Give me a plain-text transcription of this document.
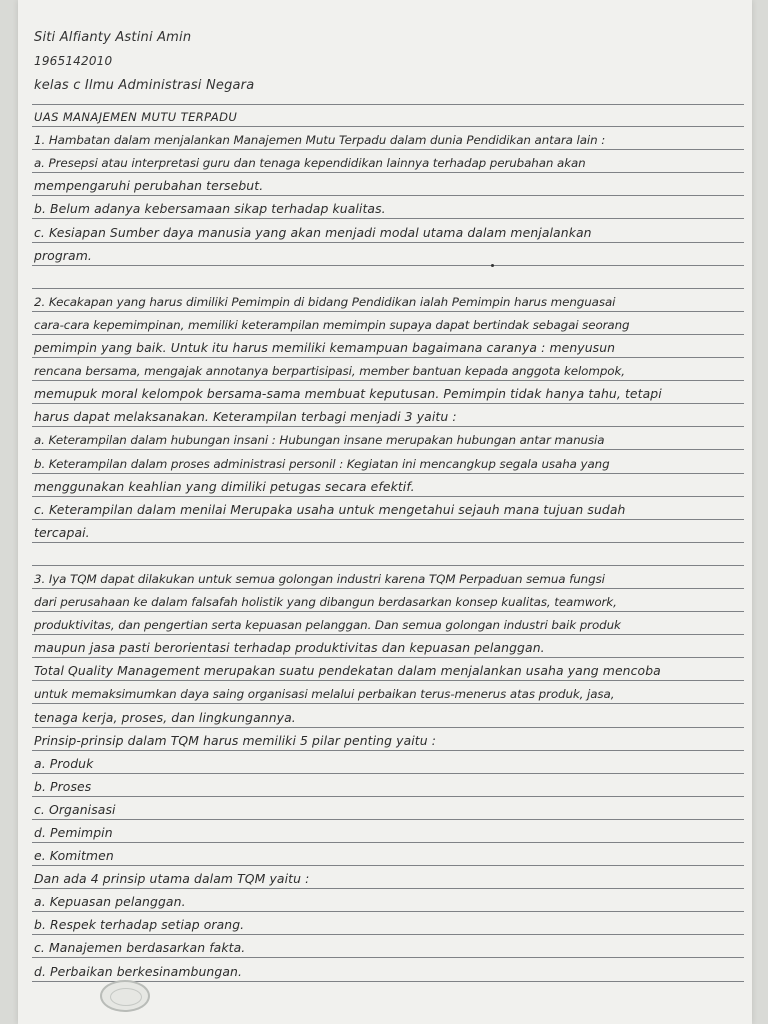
Siti Alfianty Astini Amin
1965142010
kelas c Ilmu Administrasi Negara
UAS MANAJEMEN MUTU TERPADU
1. Hambatan dalam menjalankan Manajemen Mutu Terpadu dalam dunia Pendidikan antara lain :
a. Presepsi atau interpretasi guru dan tenaga kependidikan lainnya terhadap perubahan akan
mempengaruhi perubahan tersebut.
b. Belum adanya kebersamaan sikap terhadap kualitas.
c. Kesiapan Sumber daya manusia yang akan menjadi modal utama dalam menjalankan
program.
2. Kecakapan yang harus dimiliki Pemimpin di bidang Pendidikan ialah Pemimpin harus menguasai
cara-cara kepemimpinan, memiliki keterampilan memimpin supaya dapat bertindak sebagai seorang
pemimpin yang baik. Untuk itu harus memiliki kemampuan bagaimana caranya : menyusun
rencana bersama, mengajak annotanya berpartisipasi, member bantuan kepada anggota kelompok,
memupuk moral kelompok bersama-sama membuat keputusan. Pemimpin tidak hanya tahu, tetapi
harus dapat melaksanakan. Keterampilan terbagi menjadi 3 yaitu :
a. Keterampilan dalam hubungan insani : Hubungan insane merupakan hubungan antar manusia
b. Keterampilan dalam proses administrasi personil : Kegiatan ini mencangkup segala usaha yang
menggunakan keahlian yang dimiliki petugas secara efektif.
c. Keterampilan dalam menilai Merupaka usaha untuk mengetahui sejauh mana tujuan sudah
tercapai.
3. Iya TQM dapat dilakukan untuk semua golongan industri karena TQM Perpaduan semua fungsi
dari perusahaan ke dalam falsafah holistik yang dibangun berdasarkan konsep kualitas, teamwork,
produktivitas, dan pengertian serta kepuasan pelanggan. Dan semua golongan industri baik produk
maupun jasa pasti berorientasi terhadap produktivitas dan kepuasan pelanggan.
Total Quality Management merupakan suatu pendekatan dalam menjalankan usaha yang mencoba
untuk memaksimumkan daya saing organisasi melalui perbaikan terus-menerus atas produk, jasa,
tenaga kerja, proses, dan lingkungannya.
Prinsip-prinsip dalam TQM harus memiliki 5 pilar penting yaitu :
a. Produk
b. Proses
c. Organisasi
d. Pemimpin
e. Komitmen
Dan ada 4 prinsip utama dalam TQM yaitu :
a. Kepuasan pelanggan.
b. Respek terhadap setiap orang.
c. Manajemen berdasarkan fakta.
d. Perbaikan berkesinambungan.
